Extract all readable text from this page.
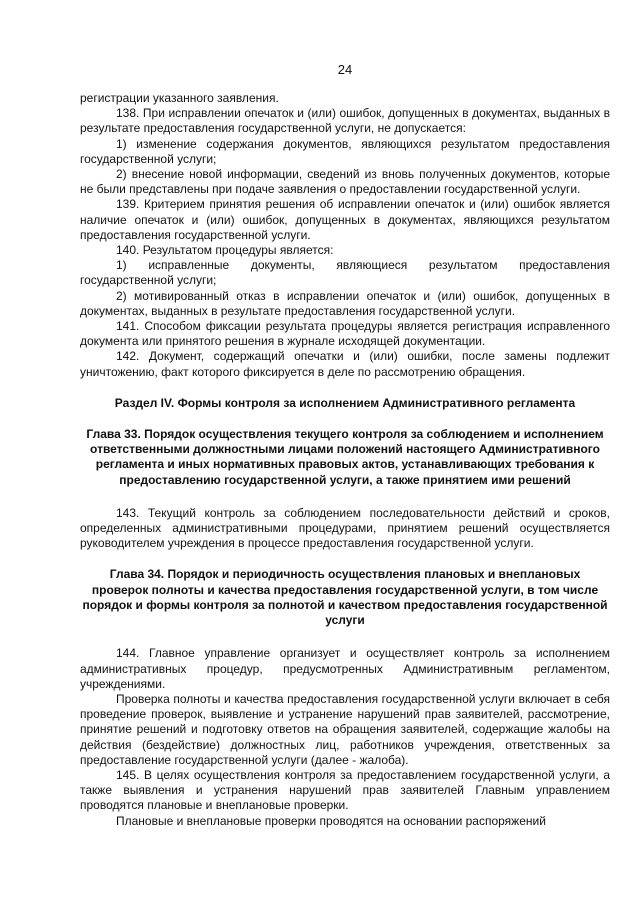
24

регистрации указанного заявления.

138. При исправлении опечаток и (или) ошибок, допущенных в документах, выданных в результате предоставления государственной услуги, не допускается:

1) изменение содержания документов, являющихся результатом предоставления государственной услуги;

2) внесение новой информации, сведений из вновь полученных документов, которые не были представлены при подаче заявления о предоставлении государственной услуги.

139. Критерием принятия решения об исправлении опечаток и (или) ошибок является наличие опечаток и (или) ошибок, допущенных в документах, являющихся результатом предоставления государственной услуги.

140. Результатом процедуры является:

1) исправленные документы, являющиеся результатом предоставления государственной услуги;

2) мотивированный отказ в исправлении опечаток и (или) ошибок, допущенных в документах, выданных в результате предоставления государственной услуги.

141. Способом фиксации результата процедуры является регистрация исправленного документа или принятого решения в журнале исходящей документации.

142. Документ, содержащий опечатки и (или) ошибки, после замены подлежит уничтожению, факт которого фиксируется в деле по рассмотрению обращения.

Раздел IV. Формы контроля за исполнением Административного регламента
Глава 33. Порядок осуществления текущего контроля за соблюдением и исполнением ответственными должностными лицами положений настоящего Административного регламента и иных нормативных правовых актов, устанавливающих требования к предоставлению государственной услуги, а также принятием ими решений

143. Текущий контроль за соблюдением последовательности действий и сроков, определенных административными процедурами, принятием решений осуществляется руководителем учреждения в процессе предоставления государственной услуги.

Глава 34. Порядок и периодичность осуществления плановых и внеплановых проверок полноты и качества предоставления государственной услуги, в том числе порядок и формы контроля за полнотой и качеством предоставления государственной услуги

144. Главное управление организует и осуществляет контроль за исполнением административных процедур, предусмотренных Административным регламентом, учреждениями.

Проверка полноты и качества предоставления государственной услуги включает в себя проведение проверок, выявление и устранение нарушений прав заявителей, рассмотрение, принятие решений и подготовку ответов на обращения заявителей, содержащие жалобы на действия (бездействие) должностных лиц, работников учреждения, ответственных за предоставление государственной услуги (далее - жалоба).

145. В целях осуществления контроля за предоставлением государственной услуги, а также выявления и устранения нарушений прав заявителей Главным управлением проводятся плановые и внеплановые проверки.

Плановые и внеплановые проверки проводятся на основании распоряжений
